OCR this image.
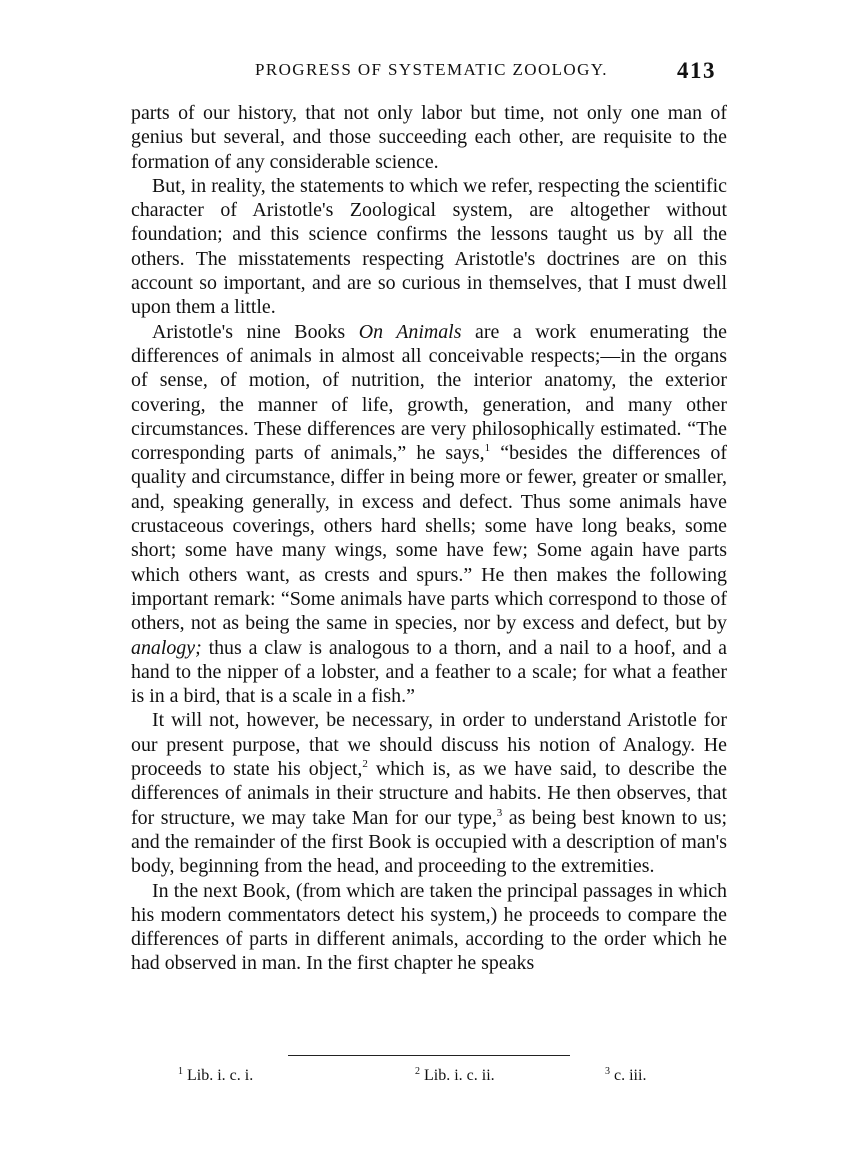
PROGRESS OF SYSTEMATIC ZOOLOGY.	413

parts of our history, that not only labor but time, not only one man of genius but several, and those succeeding each other, are requisite to the formation of any considerable science.

But, in reality, the statements to which we refer, respecting the scientific character of Aristotle's Zoological system, are altogether without foundation; and this science confirms the lessons taught us by all the others. The misstatements respecting Aristotle's doctrines are on this account so important, and are so curious in themselves, that I must dwell upon them a little.

Aristotle's nine Books On Animals are a work enumerating the differences of animals in almost all conceivable respects;—in the organs of sense, of motion, of nutrition, the interior anatomy, the exterior covering, the manner of life, growth, generation, and many other circumstances. These differences are very philosophically estimated. “The corresponding parts of animals,” he says,$^1$ “besides the differences of quality and circumstance, differ in being more or fewer, greater or smaller, and, speaking generally, in excess and defect. Thus some animals have crustaceous coverings, others hard shells; some have long beaks, some short; some have many wings, some have few; Some again have parts which others want, as crests and spurs.” He then makes the following important remark: “Some animals have parts which correspond to those of others, not as being the same in species, nor by excess and defect, but by analogy; thus a claw is analogous to a thorn, and a nail to a hoof, and a hand to the nipper of a lobster, and a feather to a scale; for what a feather is in a bird, that is a scale in a fish.”

It will not, however, be necessary, in order to understand Aristotle for our present purpose, that we should discuss his notion of Analogy. He proceeds to state his object,$^2$ which is, as we have said, to describe the differences of animals in their structure and habits. He then observes, that for structure, we may take Man for our type,$^3$ as being best known to us; and the remainder of the first Book is occupied with a description of man's body, beginning from the head, and proceeding to the extremities.

In the next Book, (from which are taken the principal passages in which his modern commentators detect his system,) he proceeds to compare the differences of parts in different animals, according to the order which he had observed in man. In the first chapter he speaks

$^1$ Lib. i. c. i.	$^2$ Lib. i. c. ii.	$^3$ c. iii.
